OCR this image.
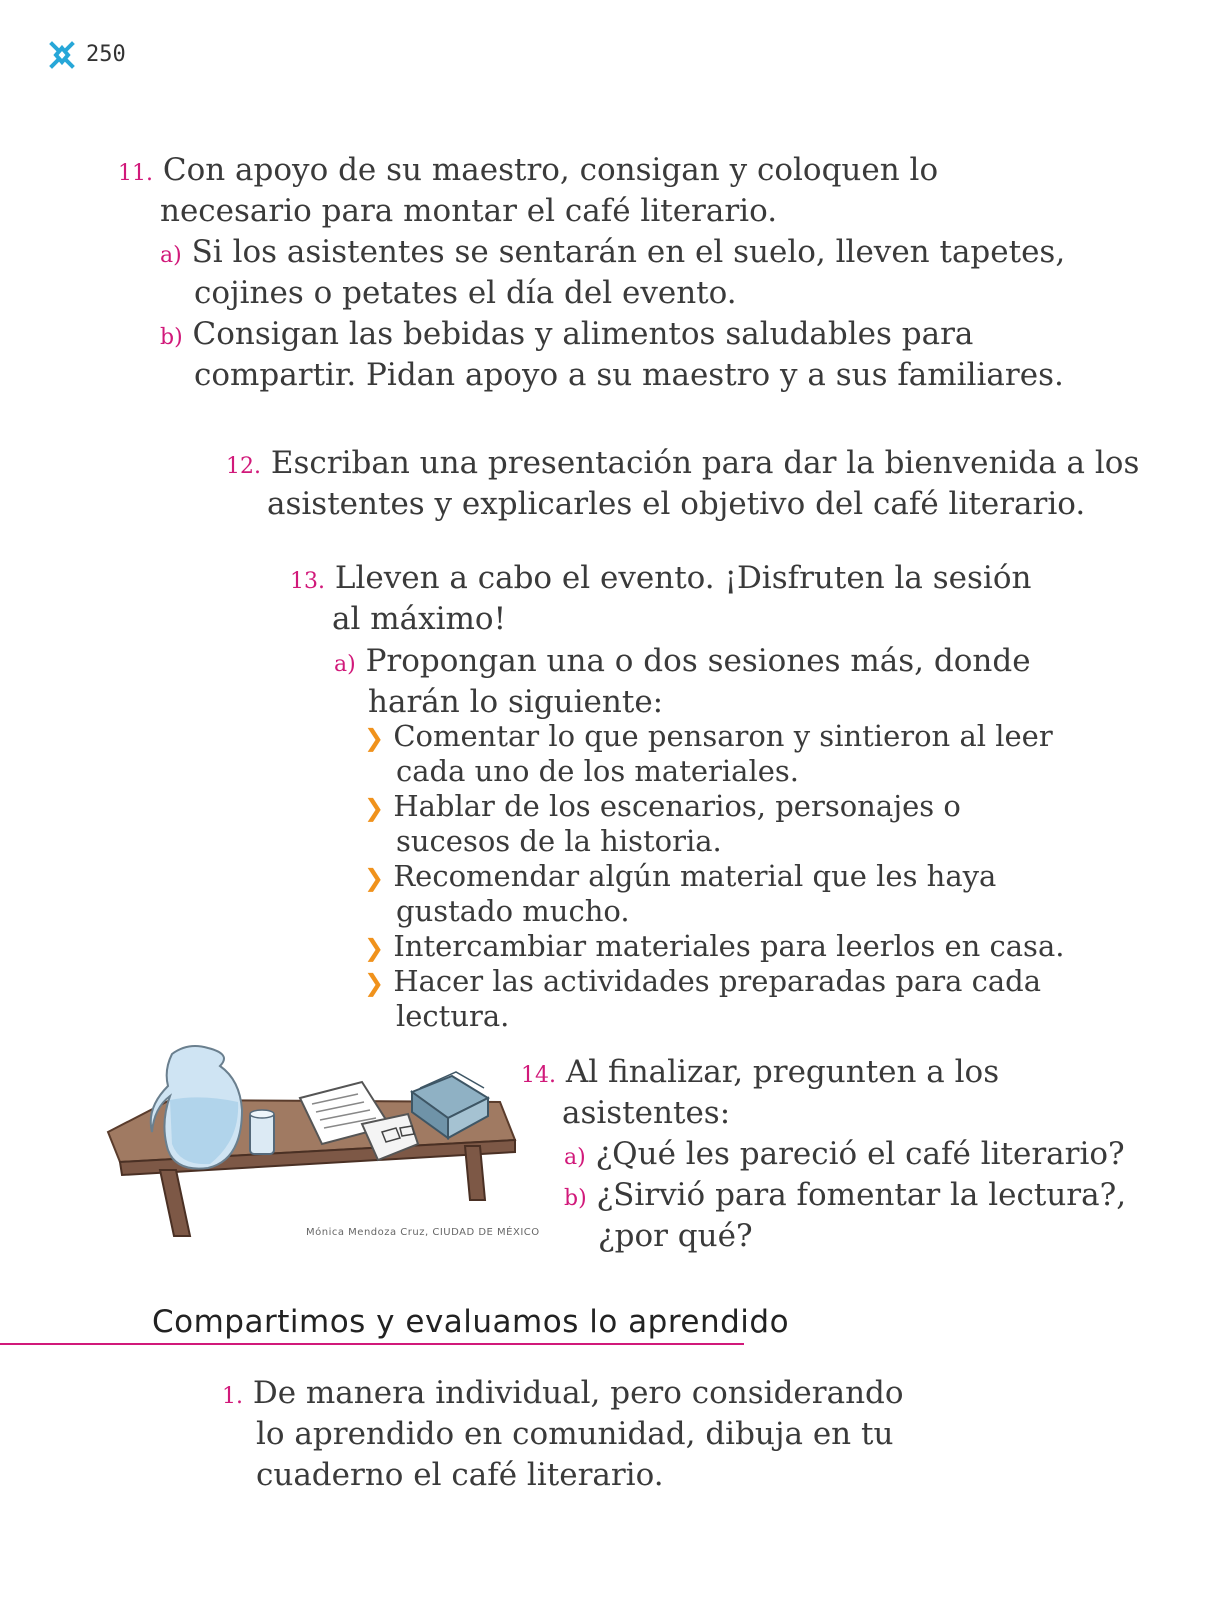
250
11. Con apoyo de su maestro, consigan y coloquen lo
necesario para montar el café literario.
a) Si los asistentes se sentarán en el suelo, lleven tapetes,
cojines o petates el día del evento.
b) Consigan las bebidas y alimentos saludables para
compartir. Pidan apoyo a su maestro y a sus familiares.
12. Escriban una presentación para dar la bienvenida a los
asistentes y explicarles el objetivo del café literario.
13. Lleven a cabo el evento. ¡Disfruten la sesión
al máximo!
a) Propongan una o dos sesiones más, donde
harán lo siguiente:
❯ Comentar lo que pensaron y sintieron al leer
cada uno de los materiales.
❯ Hablar de los escenarios, personajes o
sucesos de la historia.
❯ Recomendar algún material que les haya
gustado mucho.
❯ Intercambiar materiales para leerlos en casa.
❯ Hacer las actividades preparadas para cada
lectura.
Mónica Mendoza Cruz, CIUDAD DE MÉXICO
14. Al finalizar, pregunten a los
asistentes:
a) ¿Qué les pareció el café literario?
b) ¿Sirvió para fomentar la lectura?,
¿por qué?
Compartimos y evaluamos lo aprendido
1. De manera individual, pero considerando
lo aprendido en comunidad, dibuja en tu
cuaderno el café literario.
